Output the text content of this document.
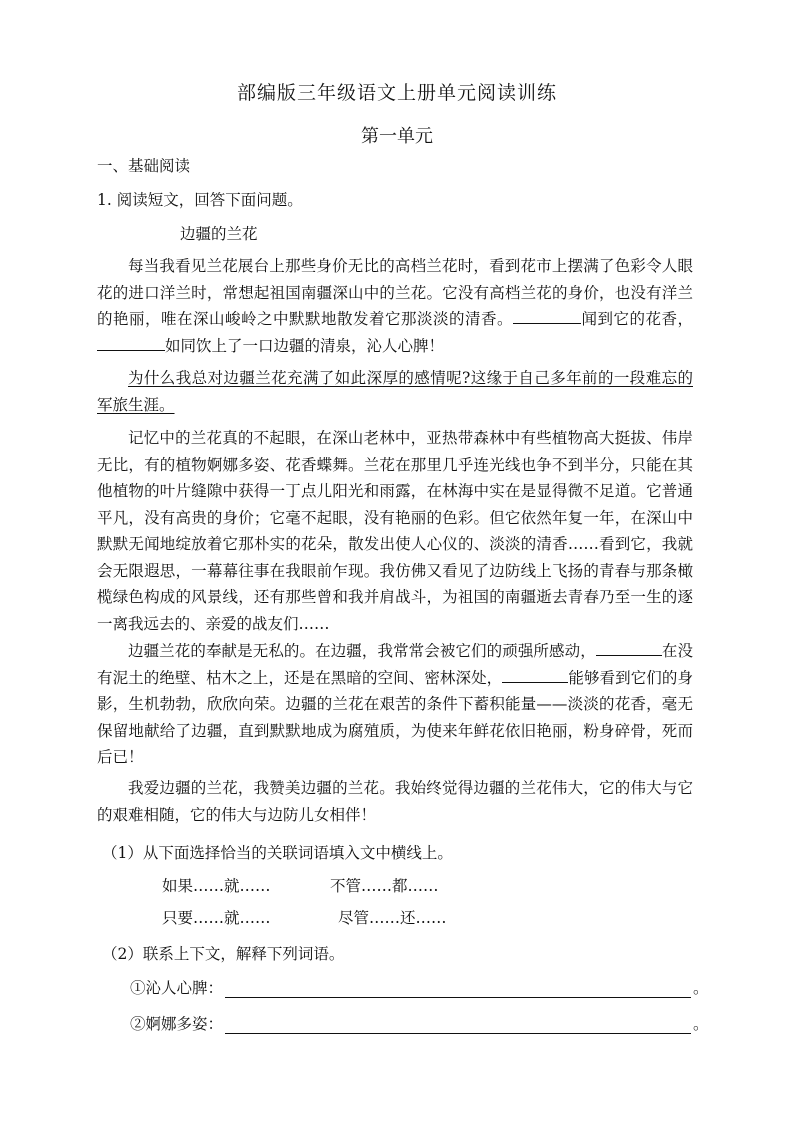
部编版三年级语文上册单元阅读训练
第一单元
一、基础阅读
1. 阅读短文，回答下面问题。
边疆的兰花
每当我看见兰花展台上那些身价无比的高档兰花时，看到花市上摆满了色彩令人眼花的进口洋兰时，常想起祖国南疆深山中的兰花。它没有高档兰花的身价，也没有洋兰的艳丽，唯在深山峻岭之中默默地散发着它那淡淡的清香。	闻到它的花香，如同饮上了一口边疆的清泉，沁人心脾！
为什么我总对边疆兰花充满了如此深厚的感情呢?这缘于自己多年前的一段难忘的军旅生涯。
记忆中的兰花真的不起眼，在深山老林中，亚热带森林中有些植物高大挺拔、伟岸无比，有的植物婀娜多姿、花香蝶舞。兰花在那里几乎连光线也争不到半分，只能在其他植物的叶片缝隙中获得一丁点儿阳光和雨露，在林海中实在是显得微不足道。它普通平凡，没有高贵的身价；它毫不起眼，没有艳丽的色彩。但它依然年复一年，在深山中默默无闻地绽放着它那朴实的花朵，散发出使人心仪的、淡淡的清香……看到它，我就会无限遐思，一幕幕往事在我眼前乍现。我仿佛又看见了边防线上飞扬的青春与那条橄榄绿色构成的风景线，还有那些曾和我并肩战斗，为祖国的南疆逝去青春乃至一生的逐一离我远去的、亲爱的战友们……
边疆兰花的奉献是无私的。在边疆，我常常会被它们的顽强所感动，	在没有泥土的绝壁、枯木之上，还是在黑暗的空间、密林深处，	能够看到它们的身影，生机勃勃，欣欣向荣。边疆的兰花在艰苦的条件下蓄积能量——淡淡的花香，毫无保留地献给了边疆，直到默默地成为腐殖质，为使来年鲜花依旧艳丽，粉身碎骨，死而后已！
我爱边疆的兰花，我赞美边疆的兰花。我始终觉得边疆的兰花伟大，它的伟大与它的艰难相随，它的伟大与边防儿女相伴！
（1）从下面选择恰当的关联词语填入文中横线上。
如果……就……	不管……都……
只要……就……	尽管……还……
（2）联系上下文，解释下列词语。
①沁人心脾：	。
②婀娜多姿：	。
